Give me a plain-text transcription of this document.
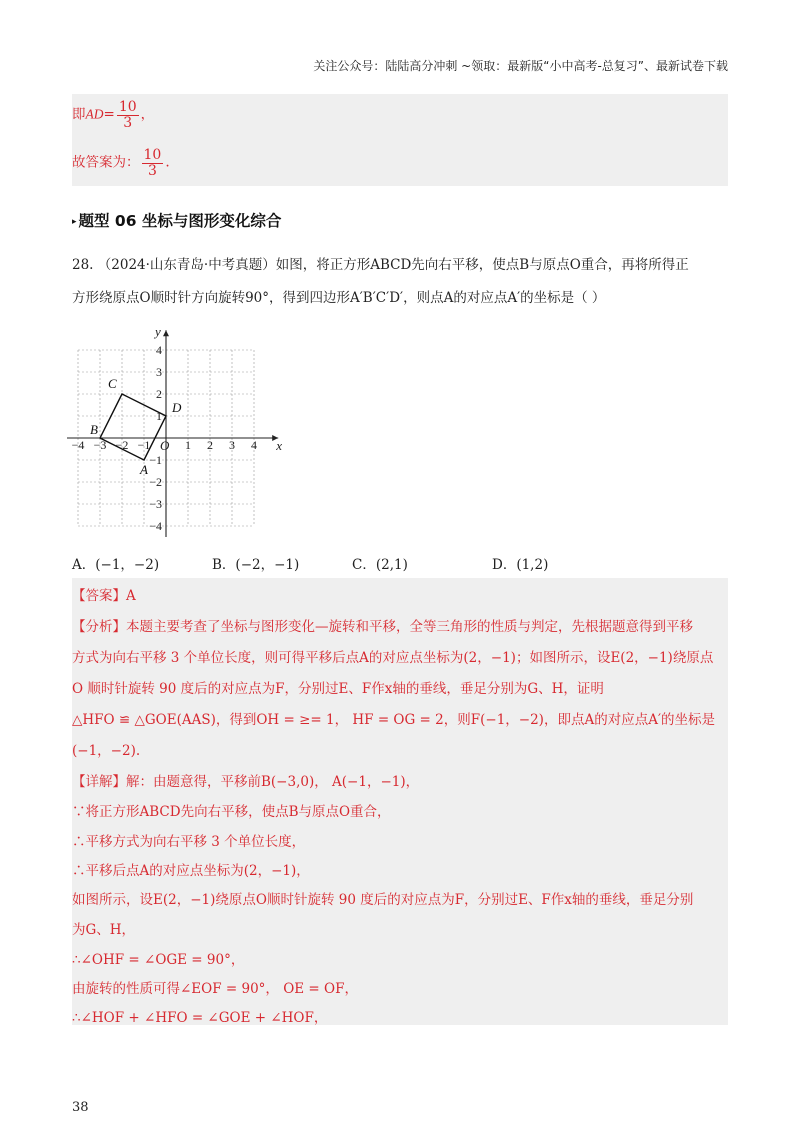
关注公众号：陆陆高分冲刺 ~领取：最新版“小中高考-总复习”、最新试卷下载
即$AD= \frac{10}{3}$ ，
故答案为： $\frac{10}{3}$ .
▸ 题型 06 坐标与图形变化综合
28. （2024·山东青岛·中考真题）如图，将正方形ABCD先向右平移，使点B与原点O重合，再将所得正
方形绕原点O顺时针方向旋转90°，得到四边形A′B′C′D′，则点A的对应点A′的坐标是（ ）
−4 −3 −2 −1	1 2 3 4
4
3
2
1
−1
−2
−3
−4
x
y
O
A
B
C
D
A．(−1，−2)	B．(−2，−1)	C．(2,1)	D．(1,2)
【答案】A
【分析】本题主要考查了坐标与图形变化—旋转和平移，全等三角形的性质与判定，先根据题意得到平移
方式为向右平移 3 个单位长度，则可得平移后点A的对应点坐标为(2，−1)；如图所示，设E(2，−1)绕原点
O 顺时针旋转 90 度后的对应点为F，分别过E、F作x轴的垂线，垂足分别为G、H，证明
△HFO ≌ △GOE(AAS)，得到OH = ≥= 1， HF = OG = 2，则F(−1，−2)，即点A的对应点A′的坐标是
(−1，−2).
【详解】解：由题意得，平移前B(−3,0)， A(−1，−1)，
∵将正方形ABCD先向右平移，使点B与原点O重合，
∴平移方式为向右平移 3 个单位长度，
∴平移后点A的对应点坐标为(2，−1)，
如图所示，设E(2，−1)绕原点O顺时针旋转 90 度后的对应点为F，分别过E、F作x轴的垂线，垂足分别
为G、H，
∴∠OHF = ∠OGE = 90°，
由旋转的性质可得∠EOF = 90°， OE = OF，
∴∠HOF + ∠HFO = ∠GOE + ∠HOF，
38
